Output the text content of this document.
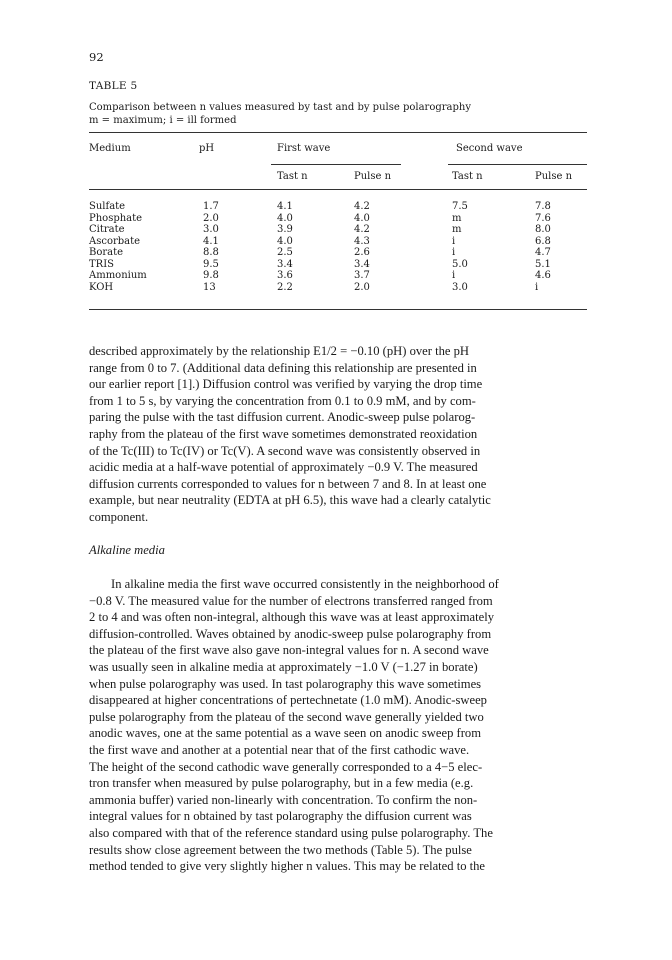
92
TABLE 5
Comparison between n values measured by tast and by pulse polarography
m = maximum; i = ill formed
Medium	pH	First wave	Second wave
Tast n	Pulse n	Tast n	Pulse n
Sulfate	1.7	4.1	4.2	7.5	7.8
Phosphate	2.0	4.0	4.0	m	7.6
Citrate	3.0	3.9	4.2	m	8.0
Ascorbate	4.1	4.0	4.3	i	6.8
Borate	8.8	2.5	2.6	i	4.7
TRIS	9.5	3.4	3.4	5.0	5.1
Ammonium	9.8	3.6	3.7	i	4.6
KOH	13	2.2	2.0	3.0	i

described approximately by the relationship E1/2 = −0.10 (pH) over the pH
range from 0 to 7. (Additional data defining this relationship are presented in
our earlier report [1].) Diffusion control was verified by varying the drop time
from 1 to 5 s, by varying the concentration from 0.1 to 0.9 mM, and by com-
paring the pulse with the tast diffusion current. Anodic-sweep pulse polarog-
raphy from the plateau of the first wave sometimes demonstrated reoxidation
of the Tc(III) to Tc(IV) or Tc(V). A second wave was consistently observed in
acidic media at a half-wave potential of approximately −0.9 V. The measured
diffusion currents corresponded to values for n between 7 and 8. In at least one
example, but near neutrality (EDTA at pH 6.5), this wave had a clearly catalytic
component.

Alkaline media

In alkaline media the first wave occurred consistently in the neighborhood of
−0.8 V. The measured value for the number of electrons transferred ranged from
2 to 4 and was often non-integral, although this wave was at least approximately
diffusion-controlled. Waves obtained by anodic-sweep pulse polarography from
the plateau of the first wave also gave non-integral values for n. A second wave
was usually seen in alkaline media at approximately −1.0 V (−1.27 in borate)
when pulse polarography was used. In tast polarography this wave sometimes
disappeared at higher concentrations of pertechnetate (1.0 mM). Anodic-sweep
pulse polarography from the plateau of the second wave generally yielded two
anodic waves, one at the same potential as a wave seen on anodic sweep from
the first wave and another at a potential near that of the first cathodic wave.
The height of the second cathodic wave generally corresponded to a 4−5 elec-
tron transfer when measured by pulse polarography, but in a few media (e.g.
ammonia buffer) varied non-linearly with concentration. To confirm the non-
integral values for n obtained by tast polarography the diffusion current was
also compared with that of the reference standard using pulse polarography. The
results show close agreement between the two methods (Table 5). The pulse
method tended to give very slightly higher n values. This may be related to the
